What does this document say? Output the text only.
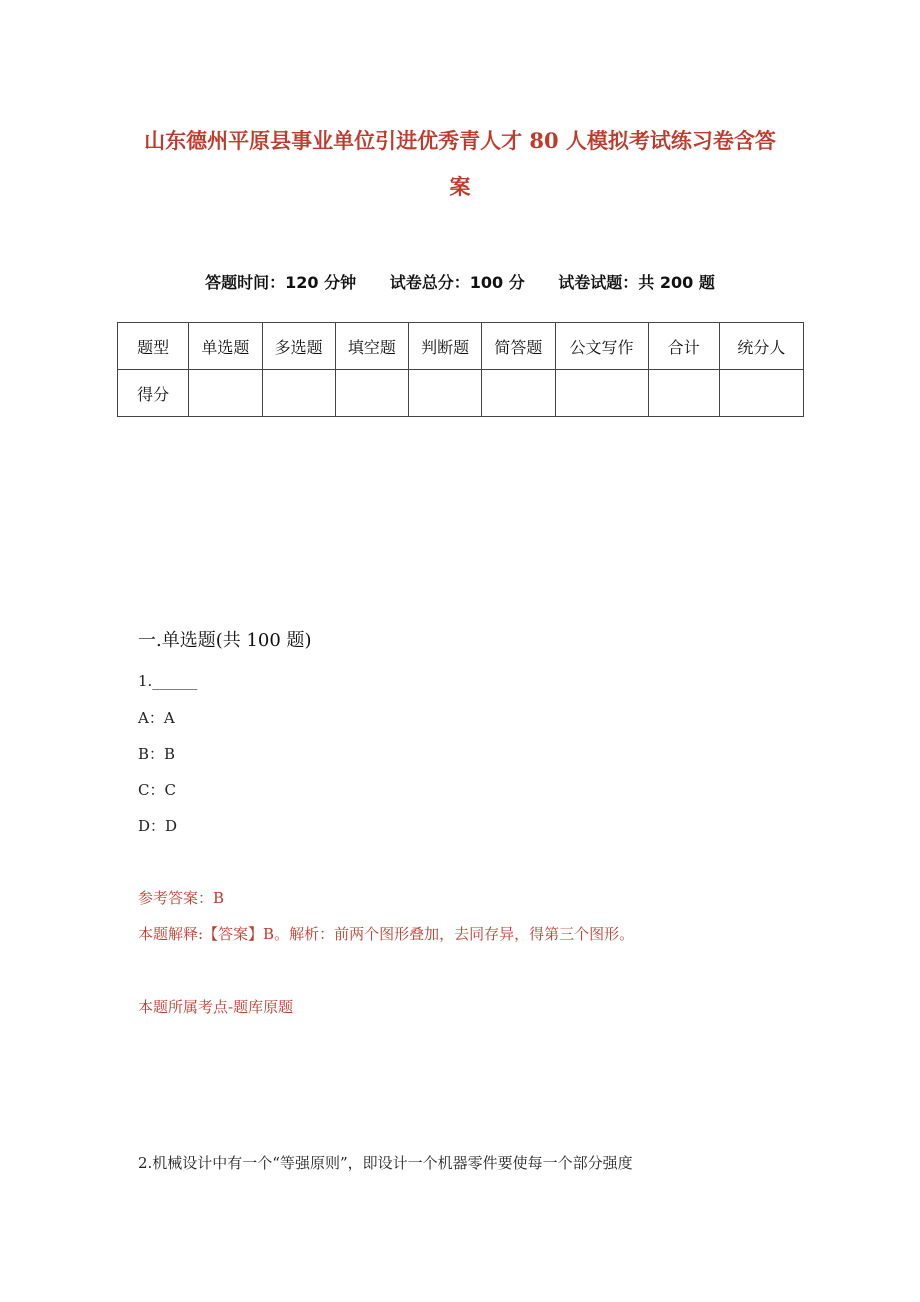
山东德州平原县事业单位引进优秀青人才 80 人模拟考试练习卷含答
案
答题时间：120 分钟 试卷总分：100 分 试卷试题：共 200 题
题型	单选题	多选题	填空题	判断题	简答题	公文写作	合计	统分人
得分								
一.单选题(共 100 题)
1.______
A：A
B：B
C：C
D：D
参考答案：B
本题解释:【答案】B。解析：前两个图形叠加，去同存异，得第三个图形。
本题所属考点-题库原题
2.机械设计中有一个“等强原则”，即设计一个机器零件要使每一个部分强度
